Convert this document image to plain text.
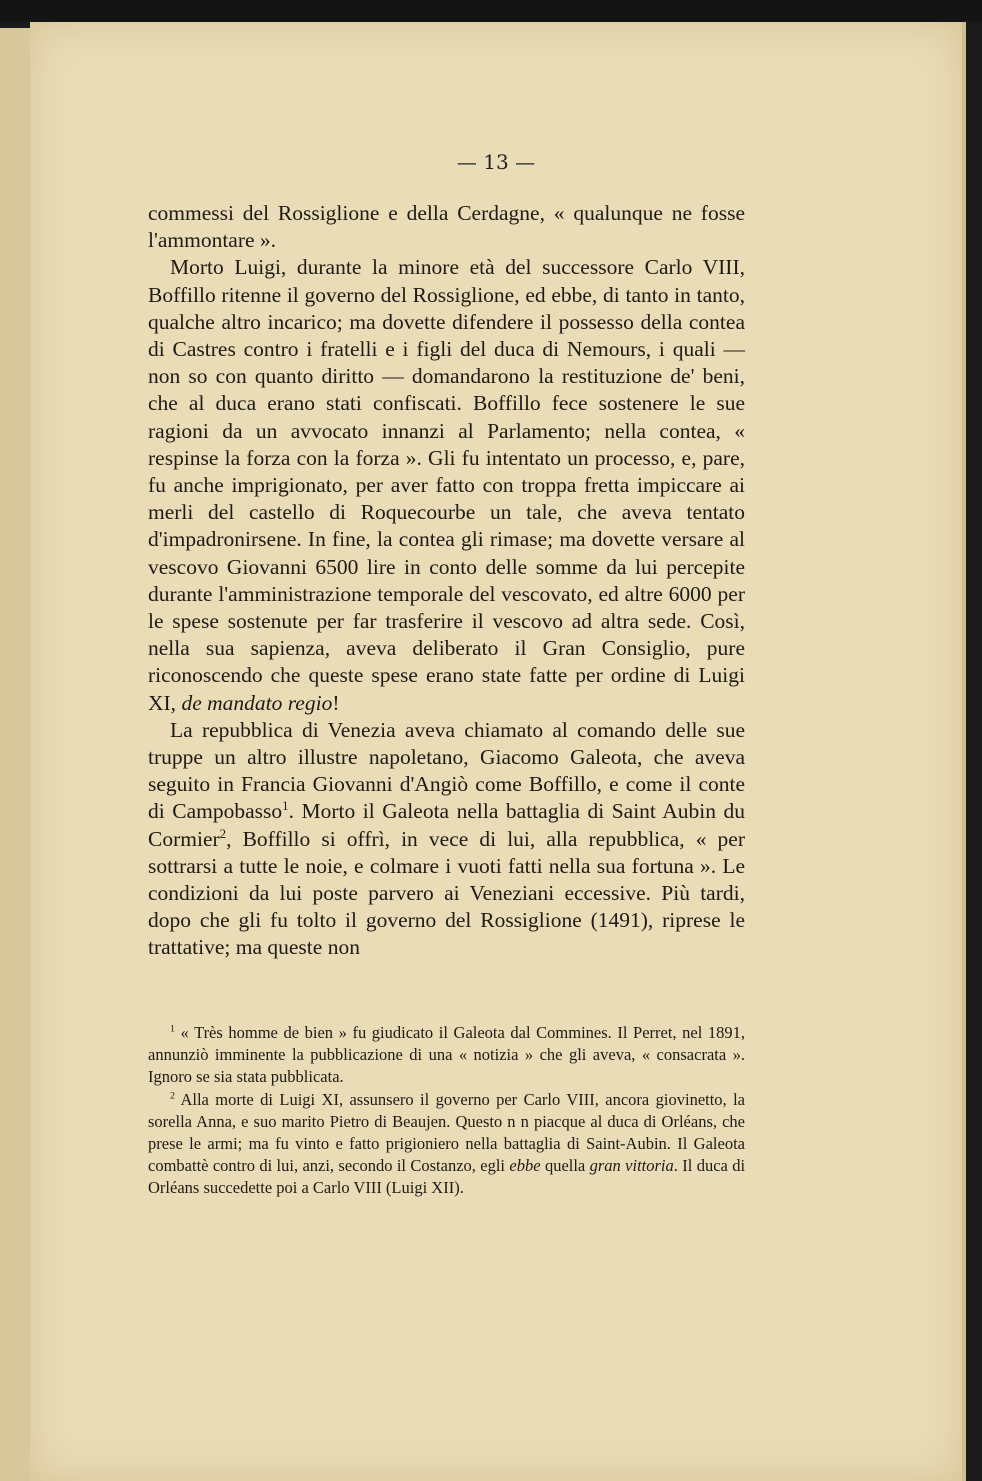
— 13 —

commessi del Rossiglione e della Cerdagne, « qualunque ne fosse l'ammontare ».

Morto Luigi, durante la minore età del successore Carlo VIII, Boffillo ritenne il governo del Rossiglione, ed ebbe, di tanto in tanto, qualche altro incarico; ma dovette difendere il possesso della contea di Castres contro i fratelli e i figli del duca di Nemours, i quali — non so con quanto diritto — domandarono la restituzione de' beni, che al duca erano stati confiscati. Boffillo fece sostenere le sue ragioni da un avvocato innanzi al Parlamento; nella contea, « respinse la forza con la forza ». Gli fu intentato un processo, e, pare, fu anche imprigionato, per aver fatto con troppa fretta impiccare ai merli del castello di Roquecourbe un tale, che aveva tentato d'impadronirsene. In fine, la contea gli rimase; ma dovette versare al vescovo Giovanni 6500 lire in conto delle somme da lui percepite durante l'amministrazione temporale del vescovato, ed altre 6000 per le spese sostenute per far trasferire il vescovo ad altra sede. Così, nella sua sapienza, aveva deliberato il Gran Consiglio, pure riconoscendo che queste spese erano state fatte per ordine di Luigi XI, de mandato regio!

La repubblica di Venezia aveva chiamato al comando delle sue truppe un altro illustre napoletano, Giacomo Galeota, che aveva seguito in Francia Giovanni d'Angiò come Boffillo, e come il conte di Campobasso$^1$. Morto il Galeota nella battaglia di Saint Aubin du Cormier$^2$, Boffillo si offrì, in vece di lui, alla repubblica, « per sottrarsi a tutte le noie, e colmare i vuoti fatti nella sua fortuna ». Le condizioni da lui poste parvero ai Veneziani eccessive. Più tardi, dopo che gli fu tolto il governo del Rossiglione (1491), riprese le trattative; ma queste non

$^1$ « Très homme de bien » fu giudicato il Galeota dal Commines. Il Perret, nel 1891, annunziò imminente la pubblicazione di una « notizia » che gli aveva, « consacrata ». Ignoro se sia stata pubblicata.

$^2$ Alla morte di Luigi XI, assunsero il governo per Carlo VIII, ancora giovinetto, la sorella Anna, e suo marito Pietro di Beaujen. Questo n n piacque al duca di Orléans, che prese le armi; ma fu vinto e fatto prigioniero nella battaglia di Saint-Aubin. Il Galeota combattè contro di lui, anzi, secondo il Costanzo, egli ebbe quella gran vittoria. Il duca di Orléans succedette poi a Carlo VIII (Luigi XII).
